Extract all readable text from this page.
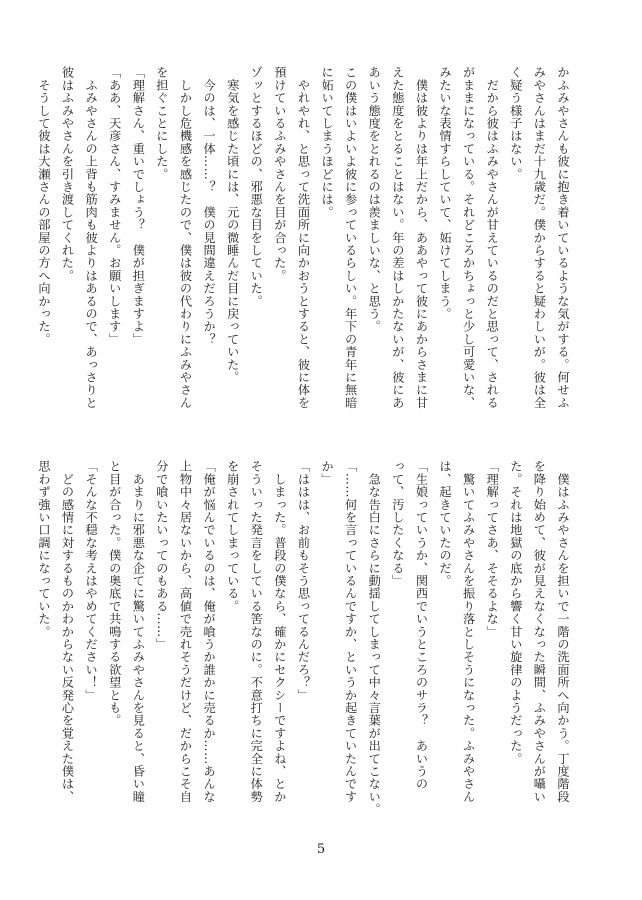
かふみやさんも彼に抱き着いているような気がする。何せふ
みやさんはまだ十九歳だ。僕からすると疑わしいが。彼は全
く疑う様子はない。
　だから彼はふみやさんが甘えているのだと思って、される
がままになっている。それどころかちょっと少し可愛いな、
みたいな表情すらしていて、妬けてしまう。
　僕は彼よりは年上だから、ああやって彼にあからさまに甘
えた態度をとることはない。年の差はしかたないが、彼にあ
あいう態度をとれるのは羨ましいな、と思う。
この僕はいよいよ彼に参っているらしい。年下の青年に無暗
に妬いてしまうほどには。
　やれやれ、と思って洗面所に向かおうとすると、彼に体を
預けているふみやさんを目が合った。
ゾッとするほどの、邪悪な目をしていた。
　寒気を感じた頃には、元の微睡んだ目に戻っていた。
　今のは、一体……？　僕の見間違えだろうか？
　しかし危機感を感じたので、僕は彼の代わりにふみやさん
を担ぐことにした。
「理解さん、重いでしょう？　僕が担ぎますよ」
「ああ、天彦さん、すみません。お願いします」
　ふみやさんの上背も筋肉も彼よりはあるので、あっさりと
彼はふみやさんを引き渡してくれた。
　そうして彼は大瀬さんの部屋の方へ向かった。
　僕はふみやさんを担いで一階の洗面所へ向かう。丁度階段
を降り始めて、彼が見えなくなった瞬間、ふみやさんが囁い
た。それは地獄の底から響く甘い旋律のようだった。
「理解ってさあ、そそるよな」
　驚いてふみやさんを振り落としそうになった。ふみやさん
は、起きていたのだ。
「生娘っていうか、関西でいうところのサラ？　あいうの
って、汚したくなる」
　急な告白にさらに動揺してしまって中々言葉が出てこない。
「……何を言っているんですか、というか起きていたんです
か」
「ははは、お前もそう思ってるんだろ？」
　しまった。普段の僕なら、確かにセクシーですよね、とか
そういった発言をしている筈なのに。不意打ちに完全に体勢
を崩されてしまっている。
「俺が悩んでいるのは、俺が喰うか誰かに売るか……あんな
上物中々居ないから、高値で売れそうだけど、だからこそ自
分で喰いたいってのもある……」
　あまりに邪悪な企てに驚いてふみやさんを見ると、昏い瞳
と目が合った。僕の奥底で共鳴する欲望とも。
「そんな不穏な考えはやめてください！」
　どの感情に対するものかわからない反発心を覚えた僕は、
思わず強い口調になっていた。
5
